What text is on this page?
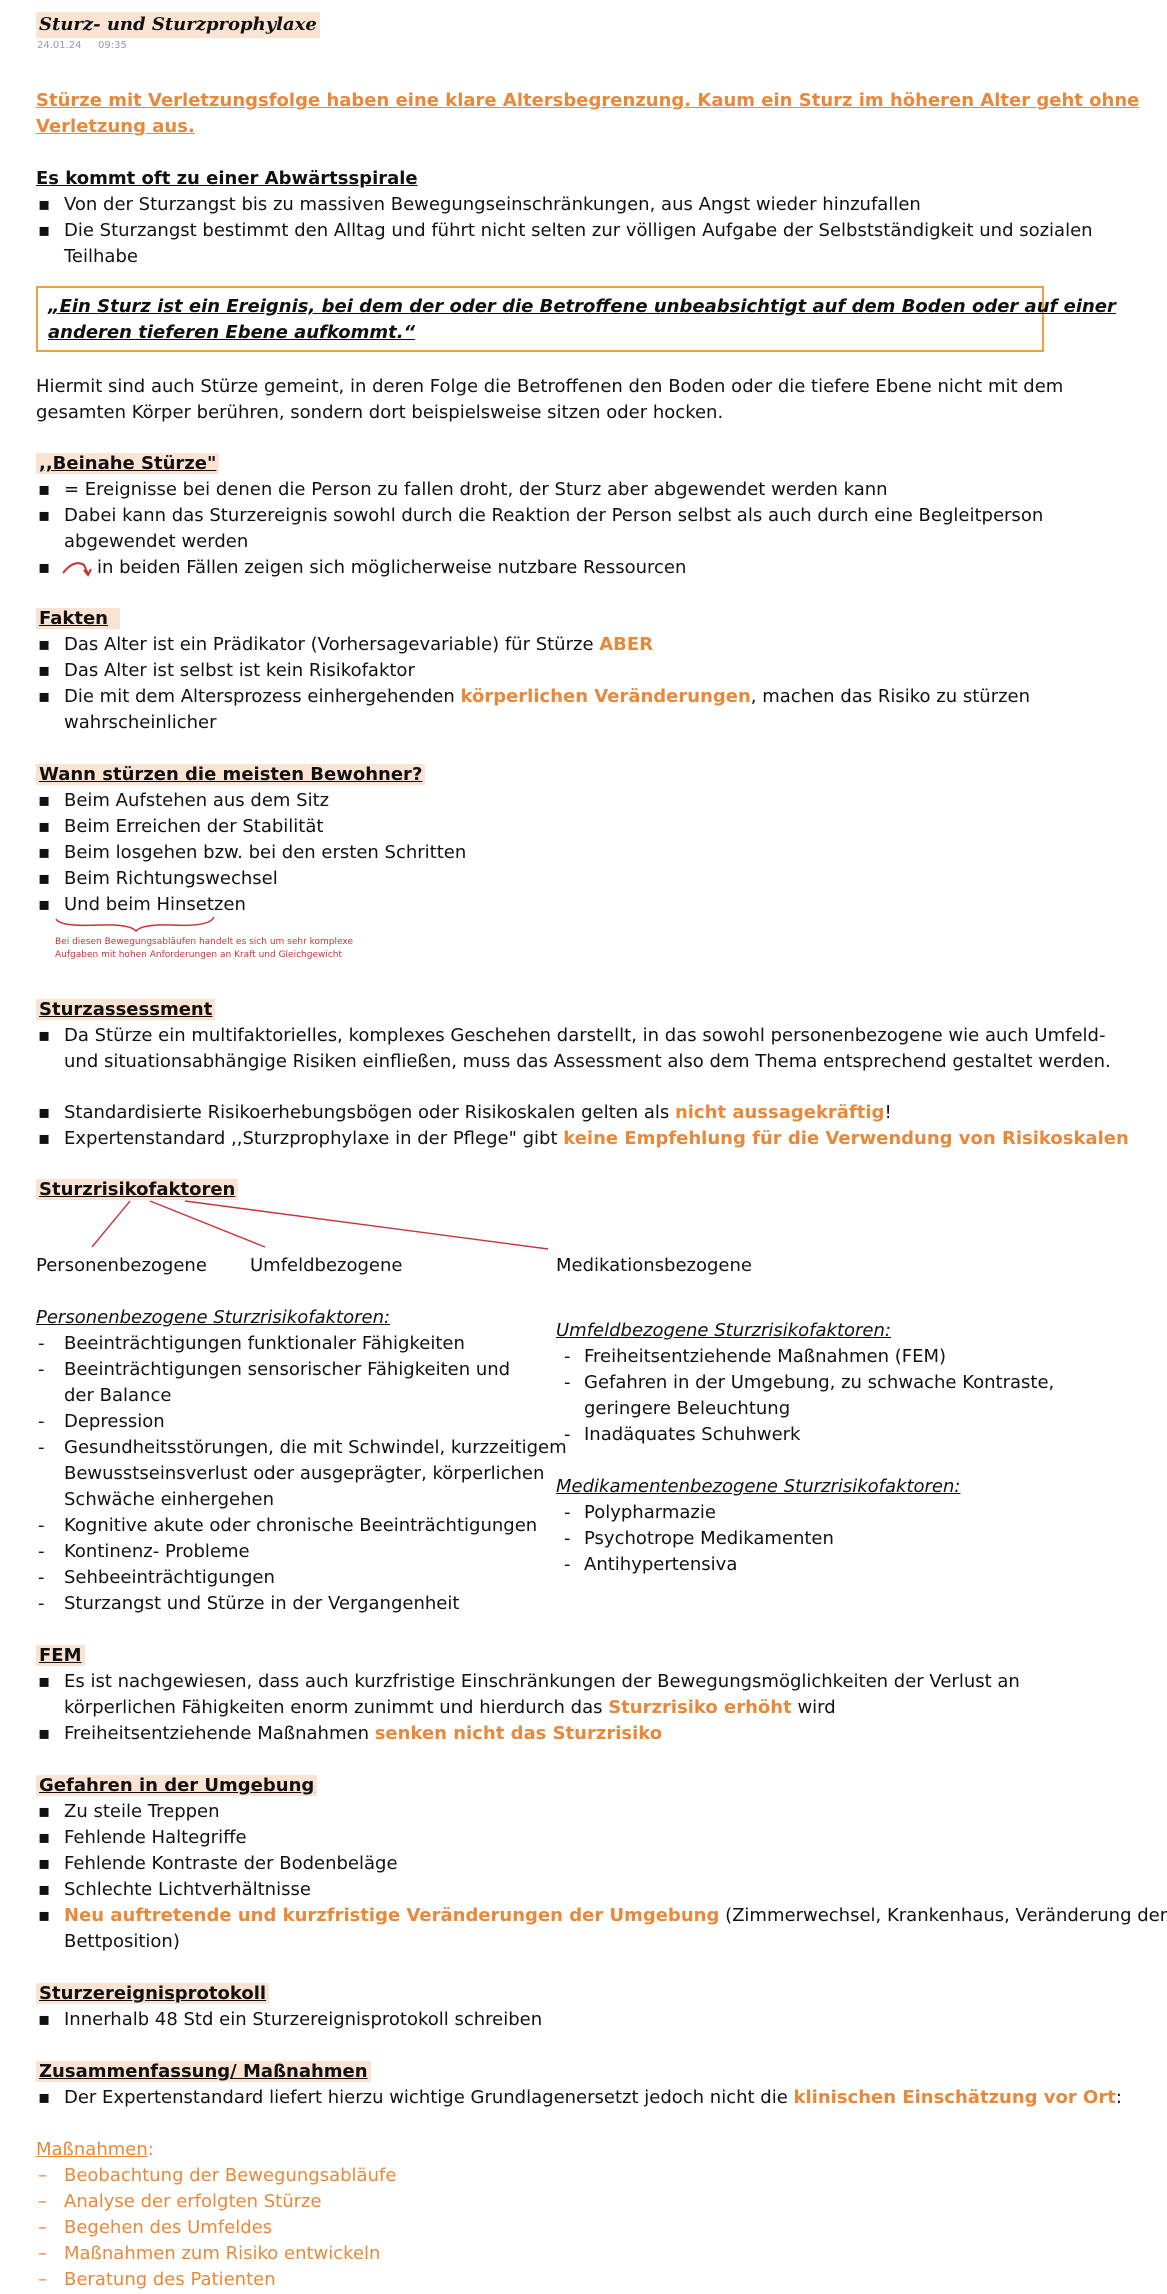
Sturz- und Sturzprophylaxe
24.01.24 09:35
Stürze mit Verletzungsfolge haben eine klare Altersbegrenzung. Kaum ein Sturz im höheren Alter geht ohne
Verletzung aus.
Es kommt oft zu einer Abwärtsspirale
▪ Von der Sturzangst bis zu massiven Bewegungseinschränkungen, aus Angst wieder hinzufallen
▪ Die Sturzangst bestimmt den Alltag und führt nicht selten zur völligen Aufgabe der Selbstständigkeit und sozialen
Teilhabe
„Ein Sturz ist ein Ereignis, bei dem der oder die Betroffene unbeabsichtigt auf dem Boden oder auf einer
anderen tieferen Ebene aufkommt.“
Hiermit sind auch Stürze gemeint, in deren Folge die Betroffenen den Boden oder die tiefere Ebene nicht mit dem
gesamten Körper berühren, sondern dort beispielsweise sitzen oder hocken.
,,Beinahe Stürze"
▪ = Ereignisse bei denen die Person zu fallen droht, der Sturz aber abgewendet werden kann
▪ Dabei kann das Sturzereignis sowohl durch die Reaktion der Person selbst als auch durch eine Begleitperson
abgewendet werden
▪	in beiden Fällen zeigen sich möglicherweise nutzbare Ressourcen
Fakten
▪ Das Alter ist ein Prädikator (Vorhersagevariable) für Stürze ABER
▪ Das Alter ist selbst ist kein Risikofaktor
▪ Die mit dem Altersprozess einhergehenden körperlichen Veränderungen, machen das Risiko zu stürzen
wahrscheinlicher
Wann stürzen die meisten Bewohner?
▪ Beim Aufstehen aus dem Sitz
▪ Beim Erreichen der Stabilität
▪ Beim losgehen bzw. bei den ersten Schritten
▪ Beim Richtungswechsel
▪ Und beim Hinsetzen
Bei diesen Bewegungsabläufen handelt es sich um sehr komplexe
Aufgaben mit hohen Anforderungen an Kraft und Gleichgewicht
Sturzassessment
▪ Da Stürze ein multifaktorielles, komplexes Geschehen darstellt, in das sowohl personenbezogene wie auch Umfeld-
und situationsabhängige Risiken einfließen, muss das Assessment also dem Thema entsprechend gestaltet werden.
▪ Standardisierte Risikoerhebungsbögen oder Risikoskalen gelten als nicht aussagekräftig!
▪ Expertenstandard ,,Sturzprophylaxe in der Pflege" gibt keine Empfehlung für die Verwendung von Risikoskalen
Sturzrisikofaktoren
Personenbezogene Umfeldbezogene	Medikationsbezogene
Personenbezogene Sturzrisikofaktoren:
- Beeinträchtigungen funktionaler Fähigkeiten
- Beeinträchtigungen sensorischer Fähigkeiten und
der Balance
- Depression
- Gesundheitsstörungen, die mit Schwindel, kurzzeitigem
Bewusstseinsverlust oder ausgeprägter, körperlichen
Schwäche einhergehen
- Kognitive akute oder chronische Beeinträchtigungen
- Kontinenz- Probleme
- Sehbeeinträchtigungen
- Sturzangst und Stürze in der Vergangenheit
Umfeldbezogene Sturzrisikofaktoren:
- Freiheitsentziehende Maßnahmen (FEM)
- Gefahren in der Umgebung, zu schwache Kontraste,
geringere Beleuchtung
- Inadäquates Schuhwerk
Medikamentenbezogene Sturzrisikofaktoren:
- Polypharmazie
- Psychotrope Medikamenten
- Antihypertensiva
FEM
▪ Es ist nachgewiesen, dass auch kurzfristige Einschränkungen der Bewegungsmöglichkeiten der Verlust an
körperlichen Fähigkeiten enorm zunimmt und hierdurch das Sturzrisiko erhöht wird
▪ Freiheitsentziehende Maßnahmen senken nicht das Sturzrisiko
Gefahren in der Umgebung
▪ Zu steile Treppen
▪ Fehlende Haltegriffe
▪ Fehlende Kontraste der Bodenbeläge
▪ Schlechte Lichtverhältnisse
▪ Neu auftretende und kurzfristige Veränderungen der Umgebung (Zimmerwechsel, Krankenhaus, Veränderung der
Bettposition)
Sturzereignisprotokoll
▪ Innerhalb 48 Std ein Sturzereignisprotokoll schreiben
Zusammenfassung/ Maßnahmen
▪ Der Expertenstandard liefert hierzu wichtige Grundlagenersetzt jedoch nicht die klinischen Einschätzung vor Ort:
Maßnahmen:
– Beobachtung der Bewegungsabläufe
– Analyse der erfolgten Stürze
– Begehen des Umfeldes
– Maßnahmen zum Risiko entwickeln
– Beratung des Patienten
